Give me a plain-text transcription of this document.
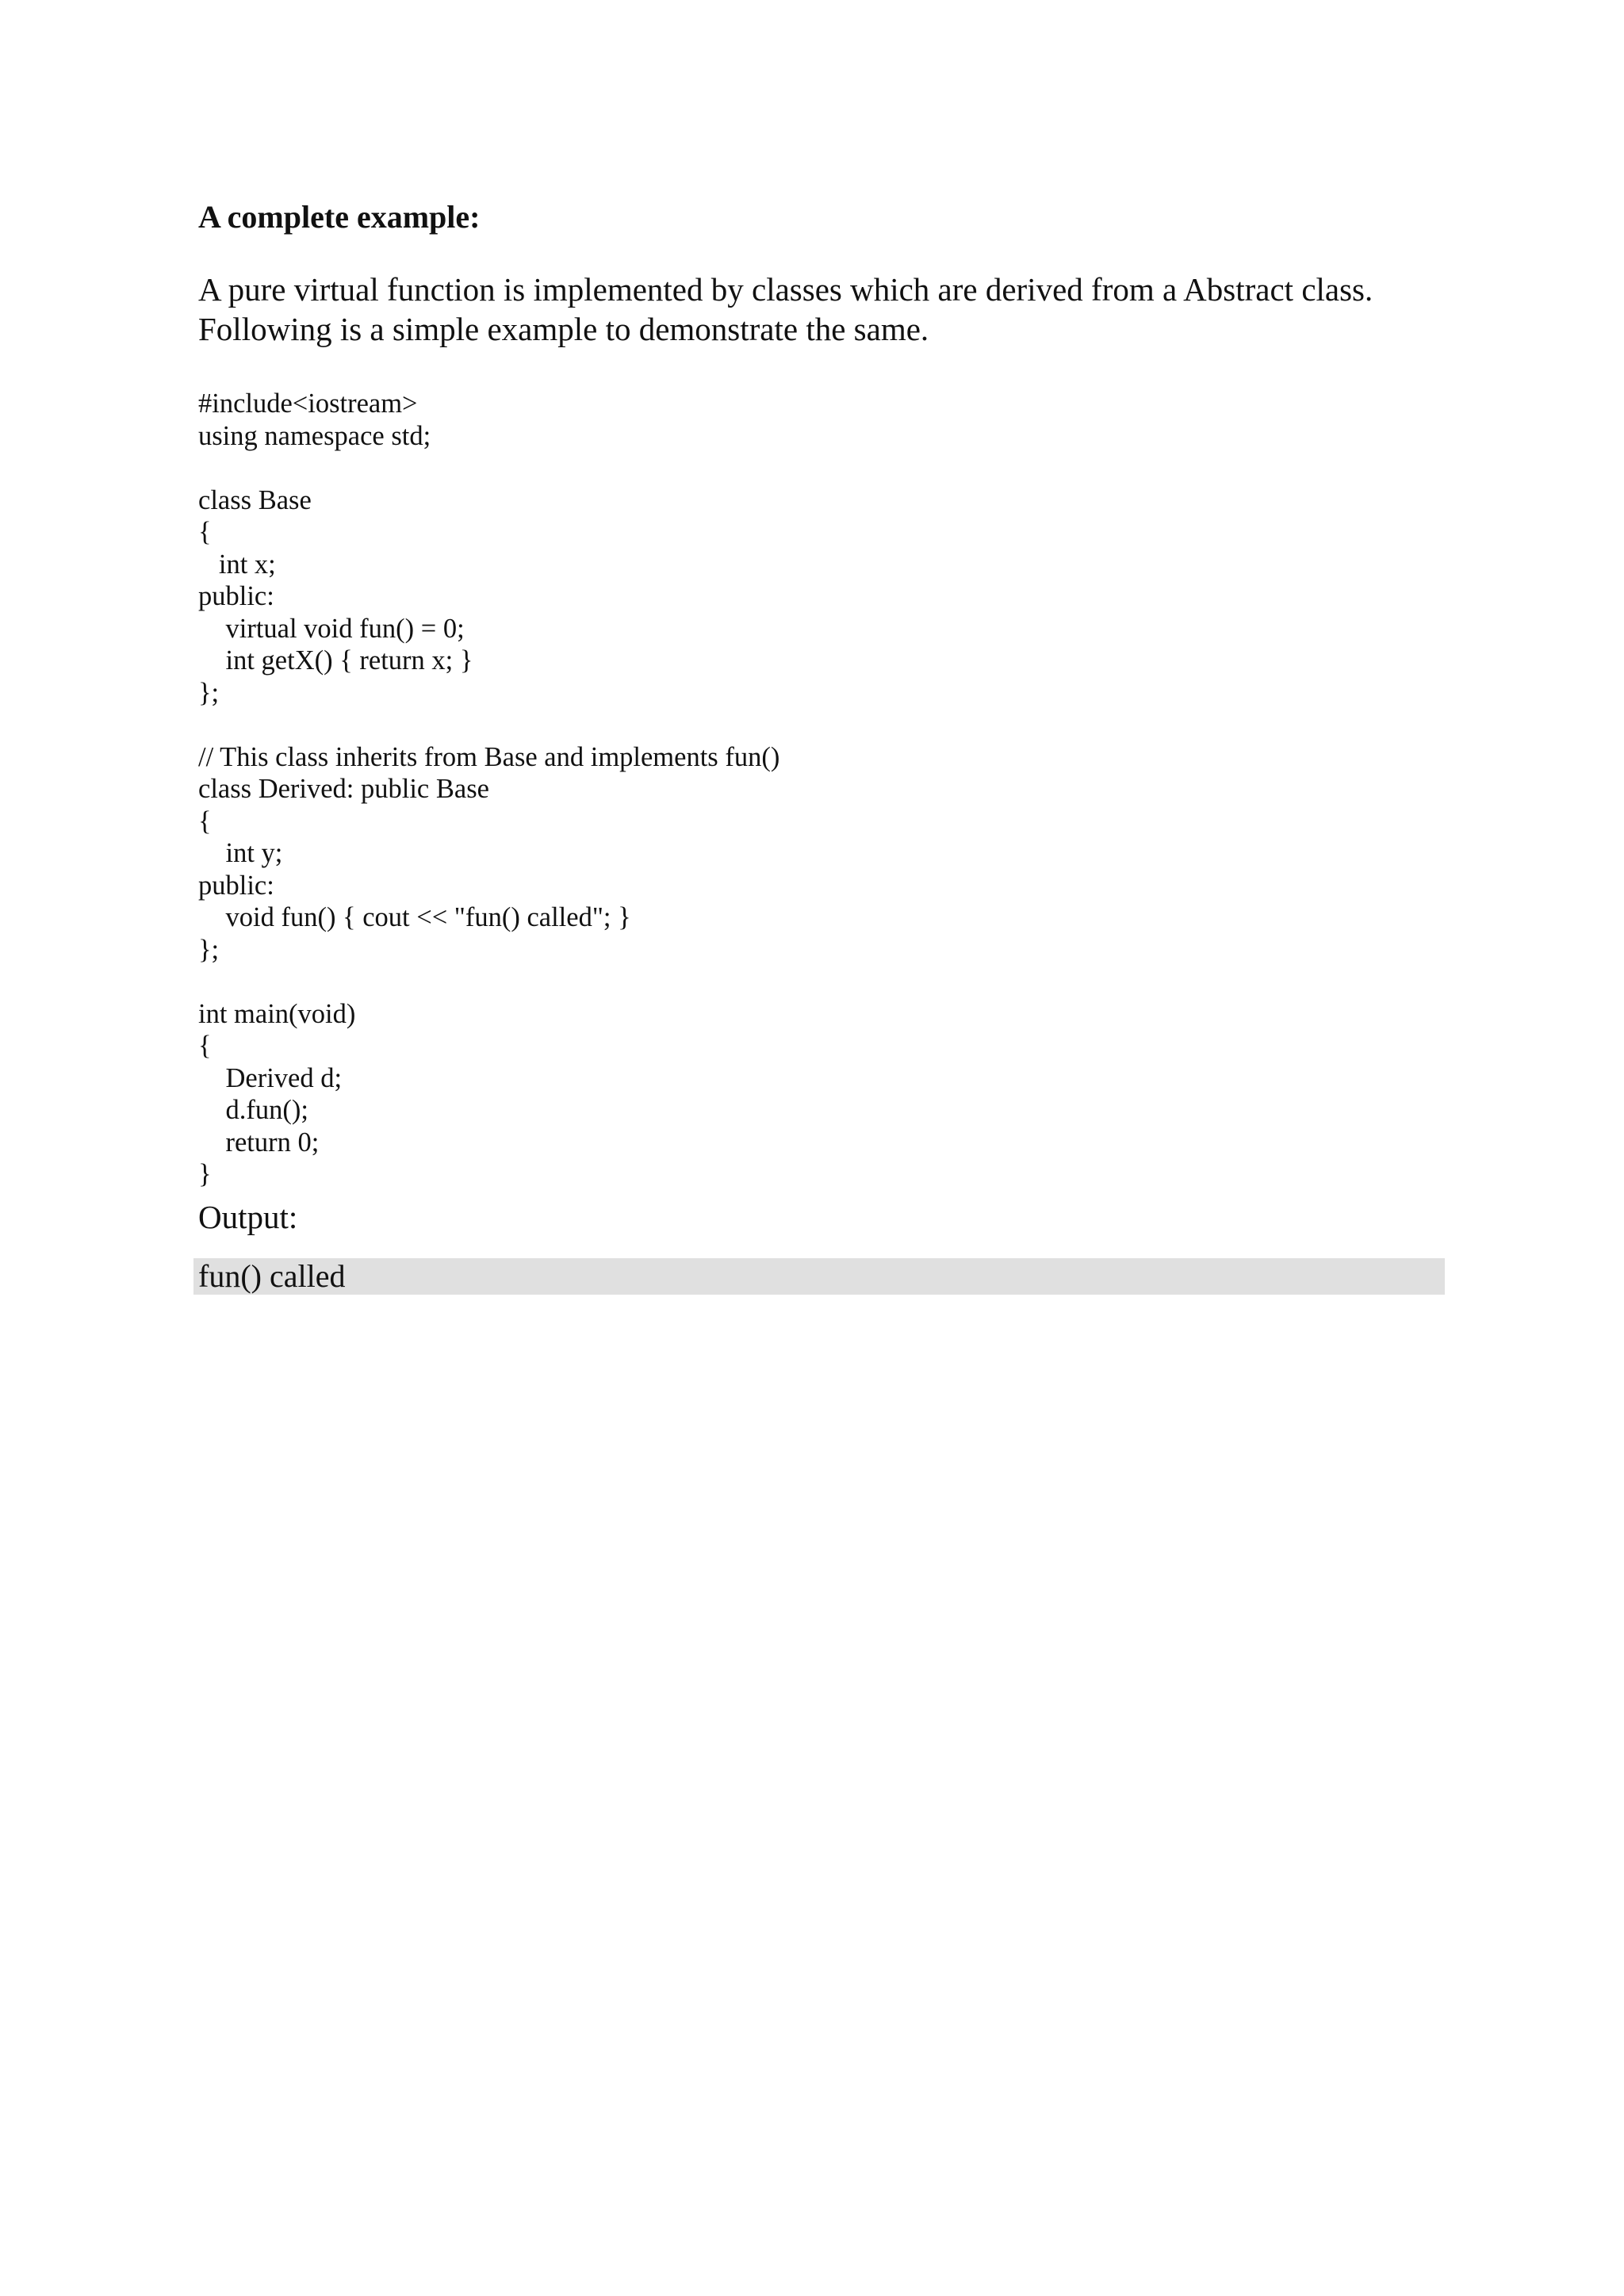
A complete example:

A pure virtual function is implemented by classes which are derived from a Abstract class.
Following is a simple example to demonstrate the same.

#include<iostream>
using namespace std;
class Base
{
int x;
public:
virtual void fun() = 0;
int getX() { return x; }
};
// This class inherits from Base and implements fun()
class Derived: public Base
{
int y;
public:
void fun() { cout << "fun() called"; }
};
int main(void)
{
Derived d;
d.fun();
return 0;
}

Output:

fun() called
